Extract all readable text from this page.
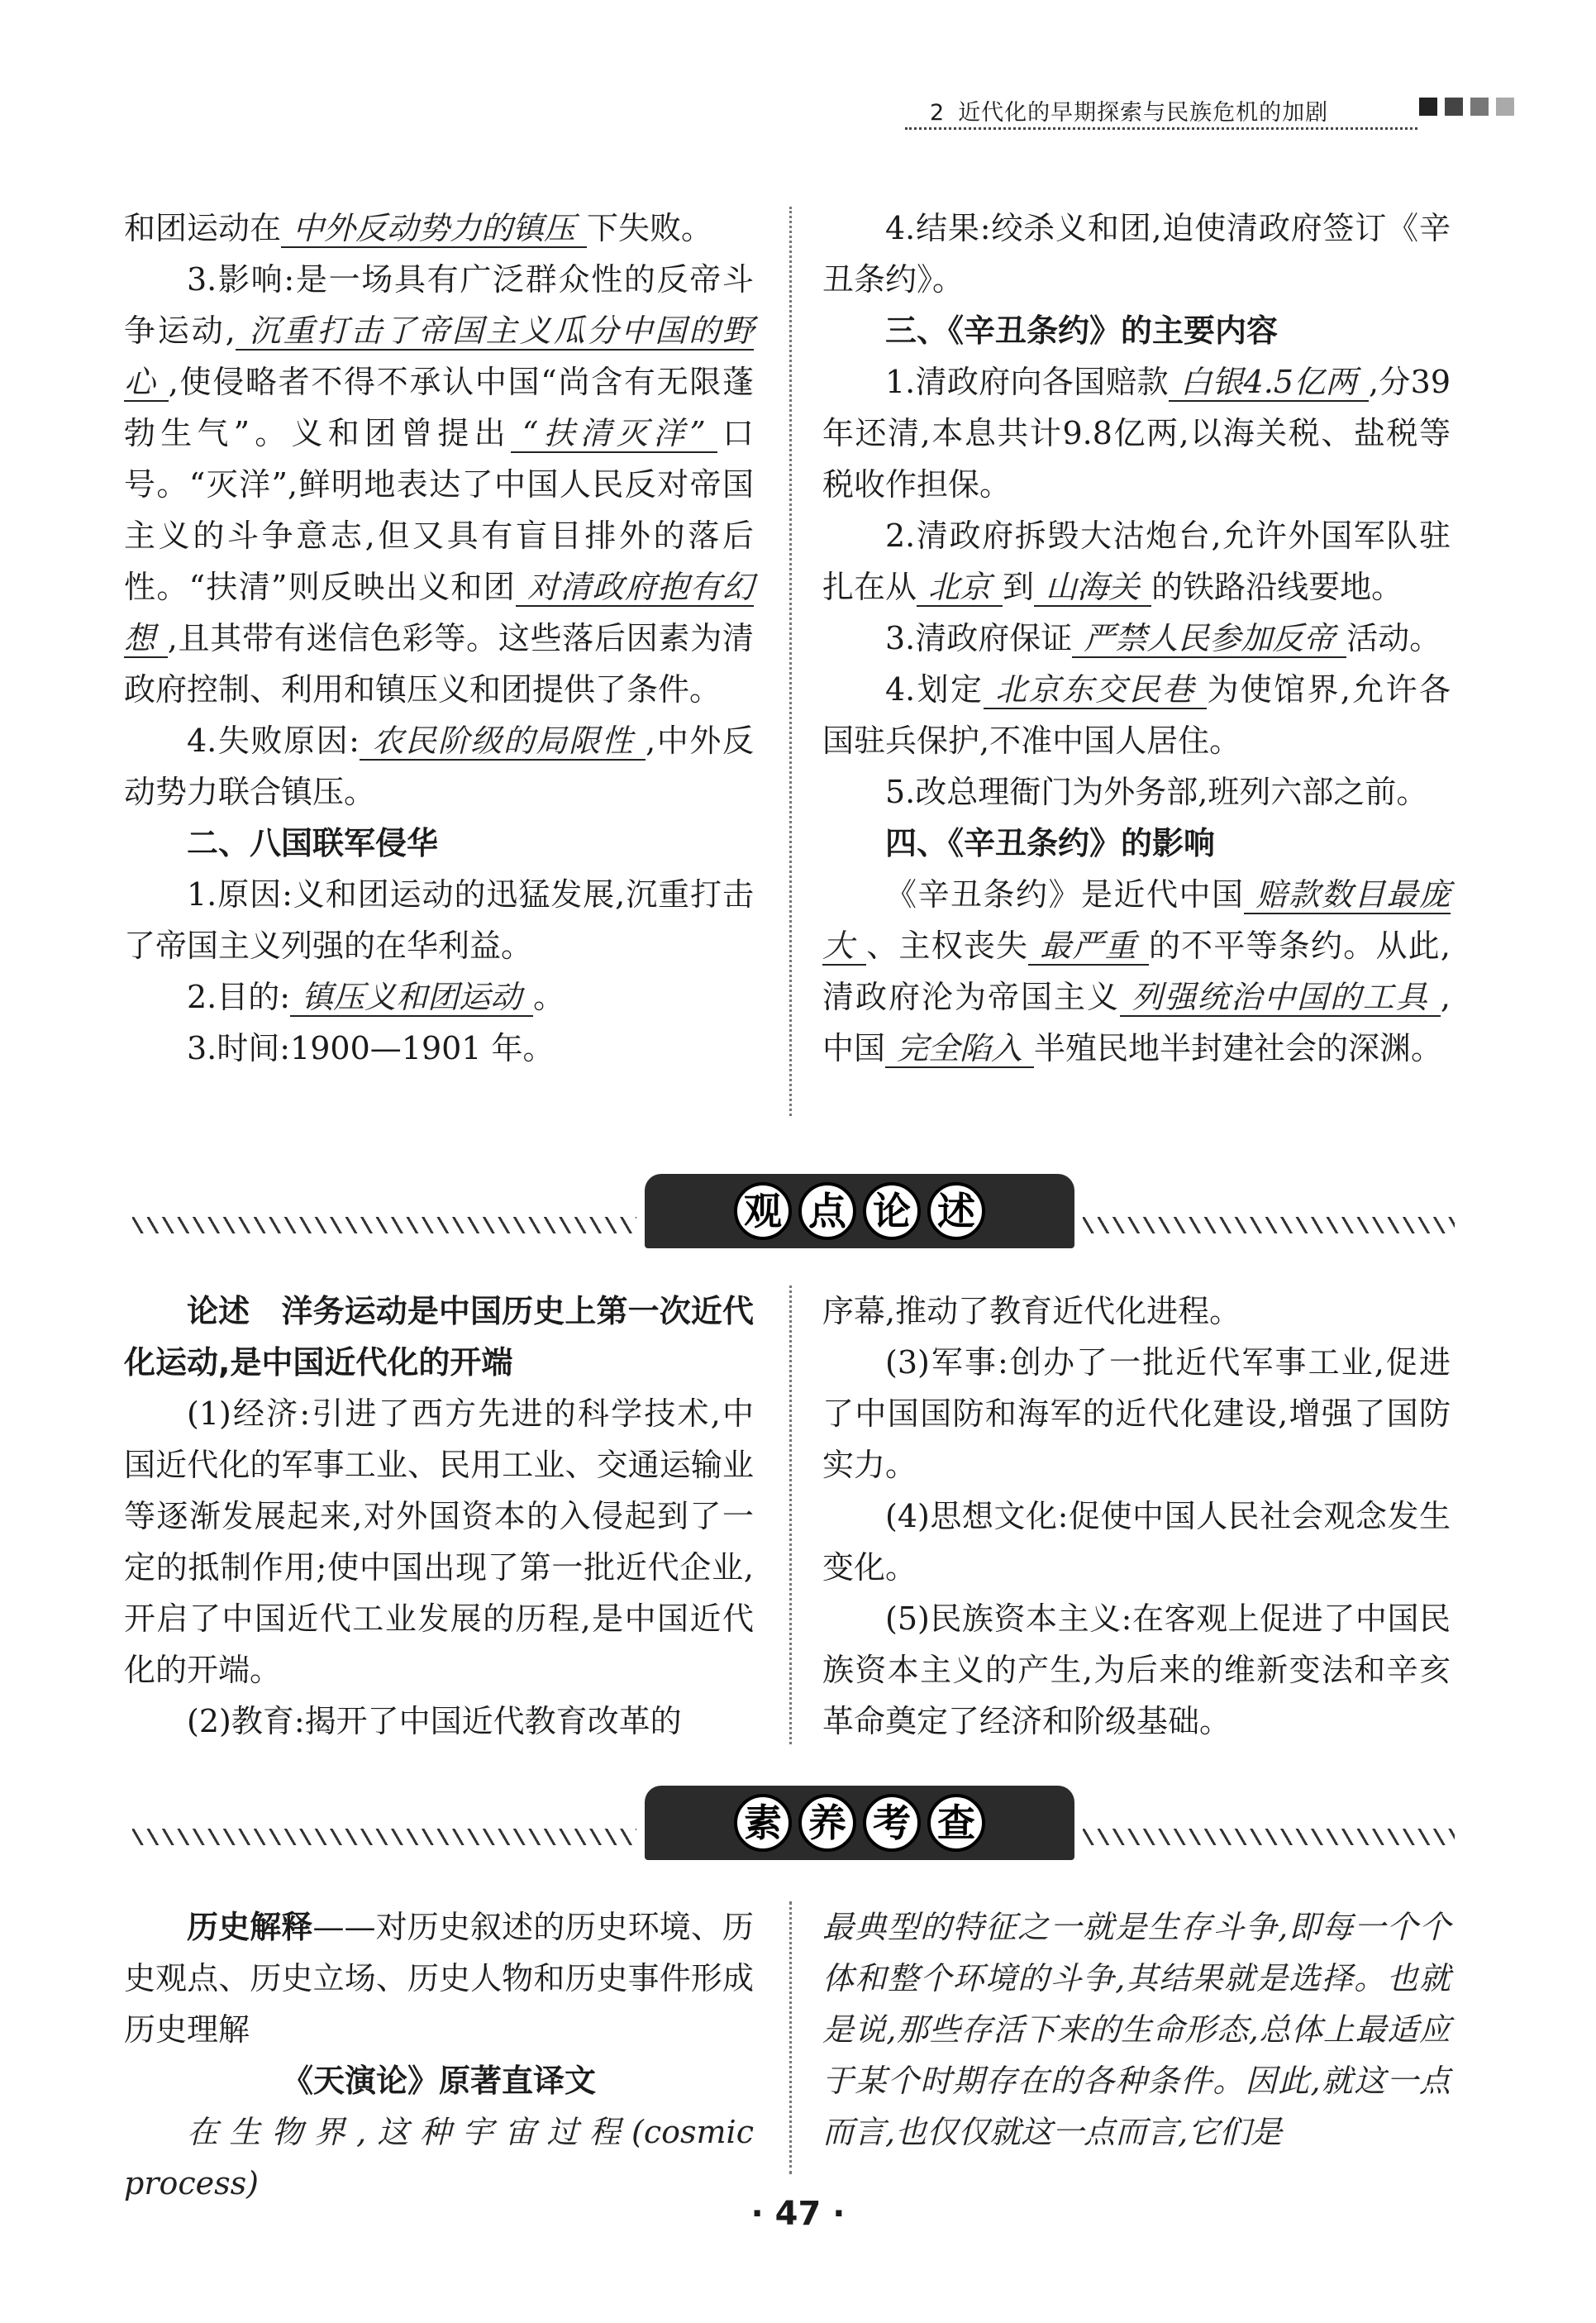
2 近代化的早期探索与民族危机的加剧

和团运动在 中外反动势力的镇压 下失败。

3.影响:是一场具有广泛群众性的反帝斗争运动, 沉重打击了帝国主义瓜分中国的野心 ,使侵略者不得不承认中国“尚含有无限蓬勃生气”。义和团曾提出 “扶清灭洋” 口号。“灭洋”,鲜明地表达了中国人民反对帝国主义的斗争意志,但又具有盲目排外的落后性。“扶清”则反映出义和团 对清政府抱有幻想 ,且其带有迷信色彩等。这些落后因素为清政府控制、利用和镇压义和团提供了条件。

4.失败原因: 农民阶级的局限性 ,中外反动势力联合镇压。

二、八国联军侵华

1.原因:义和团运动的迅猛发展,沉重打击了帝国主义列强的在华利益。

2.目的: 镇压义和团运动 。

3.时间:1900—1901 年。

4.结果:绞杀义和团,迫使清政府签订《辛丑条约》。

三、《辛丑条约》的主要内容

1.清政府向各国赔款 白银4.5亿两 ,分39年还清,本息共计9.8亿两,以海关税、盐税等税收作担保。

2.清政府拆毁大沽炮台,允许外国军队驻扎在从 北京 到 山海关 的铁路沿线要地。

3.清政府保证 严禁人民参加反帝 活动。

4.划定 北京东交民巷 为使馆界,允许各国驻兵保护,不准中国人居住。

5.改总理衙门为外务部,班列六部之前。

四、《辛丑条约》的影响

《辛丑条约》是近代中国 赔款数目最庞大 、主权丧失 最严重 的不平等条约。从此,清政府沦为帝国主义 列强统治中国的工具 ,中国 完全陷入 半殖民地半封建社会的深渊。

观 点 论 述

论述　洋务运动是中国历史上第一次近代化运动,是中国近代化的开端

(1)经济:引进了西方先进的科学技术,中国近代化的军事工业、民用工业、交通运输业等逐渐发展起来,对外国资本的入侵起到了一定的抵制作用;使中国出现了第一批近代企业,开启了中国近代工业发展的历程,是中国近代化的开端。

(2)教育:揭开了中国近代教育改革的

序幕,推动了教育近代化进程。

(3)军事:创办了一批近代军事工业,促进了中国国防和海军的近代化建设,增强了国防实力。

(4)思想文化:促使中国人民社会观念发生变化。

(5)民族资本主义:在客观上促进了中国民族资本主义的产生,为后来的维新变法和辛亥革命奠定了经济和阶级基础。

素 养 考 查

历史解释——对历史叙述的历史环境、历史观点、历史立场、历史人物和历史事件形成历史理解

《天演论》原著直译文

在生物界,这种宇宙过程(cosmic process)

最典型的特征之一就是生存斗争,即每一个个体和整个环境的斗争,其结果就是选择。也就是说,那些存活下来的生命形态,总体上最适应于某个时期存在的各种条件。因此,就这一点而言,也仅仅就这一点而言,它们是

· 47 ·
